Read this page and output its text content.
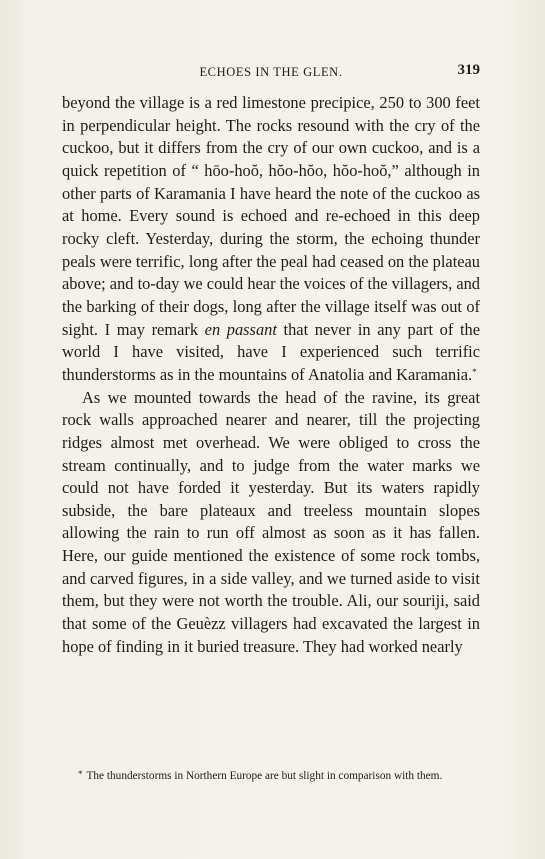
ECHOES IN THE GLEN.	319

beyond the village is a red limestone precipice, 250 to 300 feet in perpendicular height. The rocks resound with the cry of the cuckoo, but it differs from the cry of our own cuckoo, and is a quick repetition of “ hōo-hoŏ, hŏo-hŏo, hŏo-hoŏ,” although in other parts of Karamania I have heard the note of the cuckoo as at home. Every sound is echoed and re-echoed in this deep rocky cleft. Yesterday, during the storm, the echoing thunder peals were terrific, long after the peal had ceased on the plateau above; and to-day we could hear the voices of the villagers, and the barking of their dogs, long after the village itself was out of sight. I may remark en passant that never in any part of the world I have visited, have I experienced such terrific thunderstorms as in the mountains of Anatolia and Karamania.*

As we mounted towards the head of the ravine, its great rock walls approached nearer and nearer, till the projecting ridges almost met overhead. We were obliged to cross the stream continually, and to judge from the water marks we could not have forded it yesterday. But its waters rapidly subside, the bare plateaux and treeless mountain slopes allowing the rain to run off almost as soon as it has fallen. Here, our guide mentioned the existence of some rock tombs, and carved figures, in a side valley, and we turned aside to visit them, but they were not worth the trouble. Ali, our souriji, said that some of the Geuèzz villagers had excavated the largest in hope of finding in it buried treasure. They had worked nearly

* The thunderstorms in Northern Europe are but slight in comparison with them.
